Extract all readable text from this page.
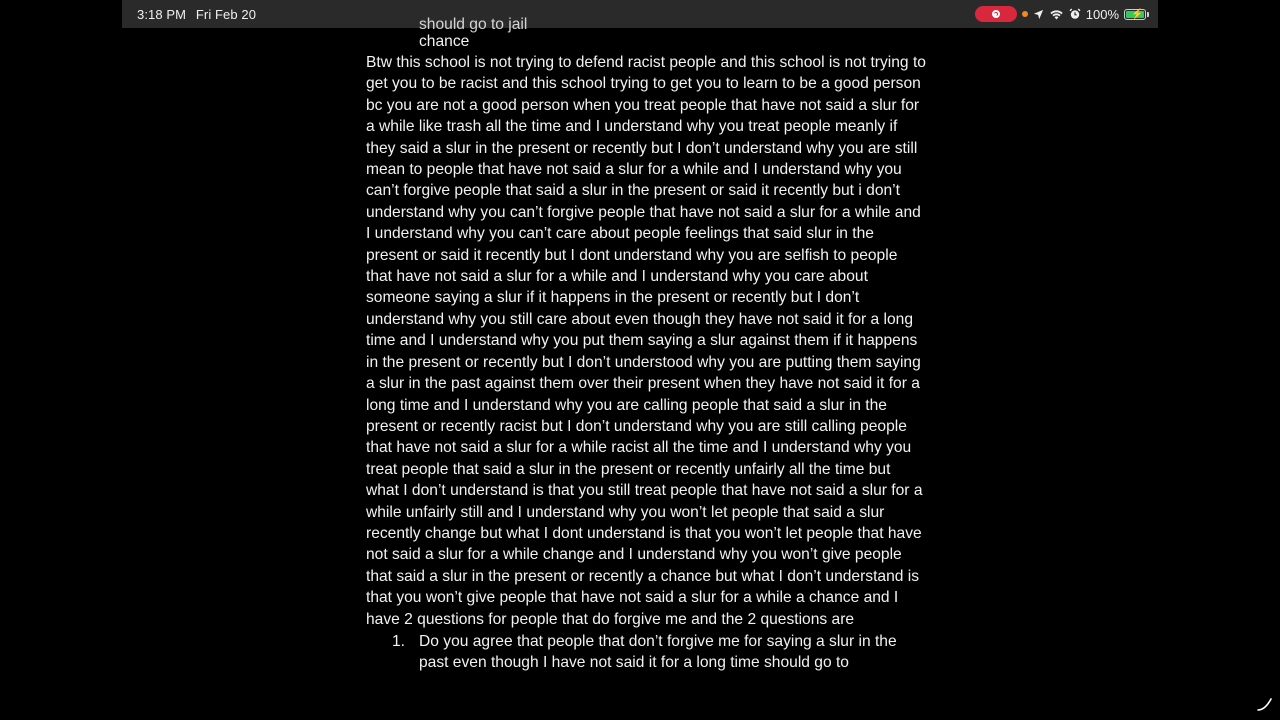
3:18 PM Fri Feb 20	100% ⚡
should go to jail
chance

Btw this school is not trying to defend racist people and this school is not trying to get you to be racist and this school trying to get you to learn to be a good person bc you are not a good person when you treat people that have not said a slur for a while like trash all the time and I understand why you treat people meanly if they said a slur in the present or recently but I don’t understand why you are still mean to people that have not said a slur for a while and I understand why you can’t forgive people that said a slur in the present or said it recently but i don’t understand why you can’t forgive people that have not said a slur for a while and I understand why you can’t care about people feelings that said slur in the present or said it recently but I dont understand why you are selfish to people that have not said a slur for a while and I understand why you care about someone saying a slur if it happens in the present or recently but I don’t understand why you still care about even though they have not said it for a long time and I understand why you put them saying a slur against them if it happens in the present or recently but I don’t understood why you are putting them saying a slur in the past against them over their present when they have not said it for a long time and I understand why you are calling people that said a slur in the present or recently racist but I don’t understand why you are still calling people that have not said a slur for a while racist all the time and I understand why you treat people that said a slur in the present or recently unfairly all the time but what I don’t understand is that you still treat people that have not said a slur for a while unfairly still and I understand why you won’t let people that said a slur recently change but what I dont understand is that you won’t let people that have not said a slur for a while change and I understand why you won’t give people that said a slur in the present or recently a chance but what I don’t understand is that you won’t give people that have not said a slur for a while a chance and I have 2 questions for people that do forgive me and the 2 questions are

1. Do you agree that people that don’t forgive me for saying a slur in the past even though I have not said it for a long time should go to
